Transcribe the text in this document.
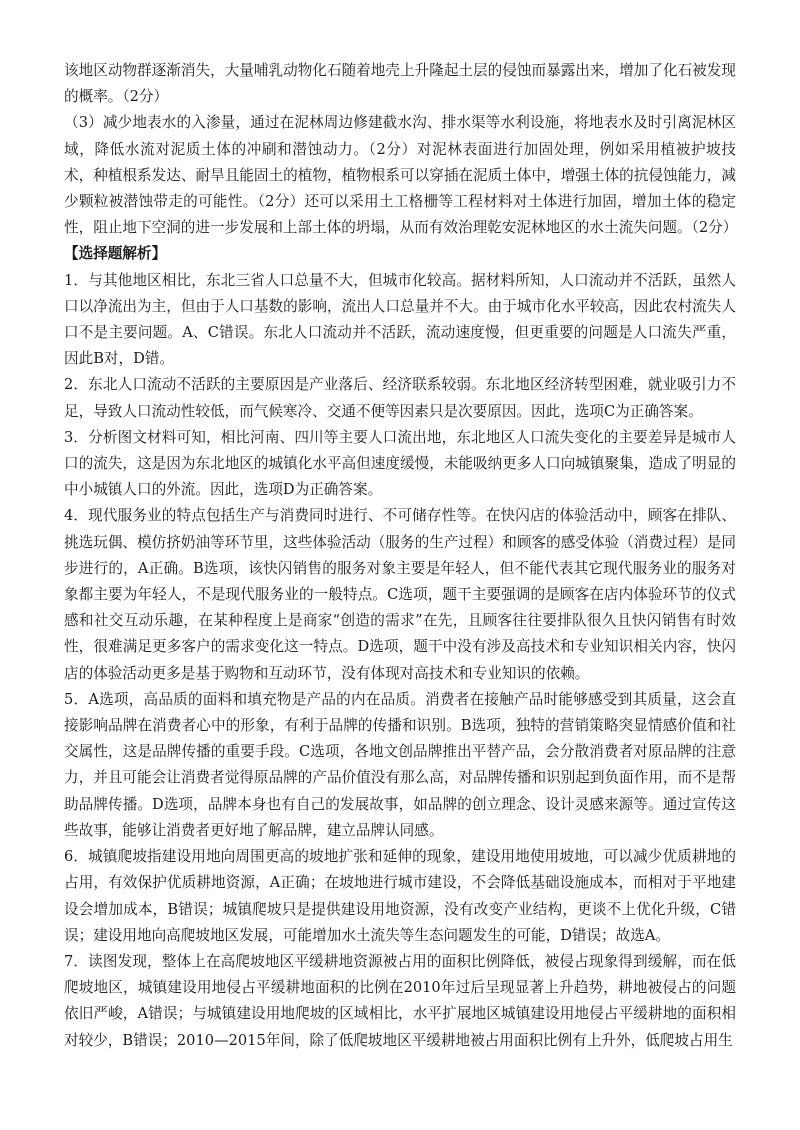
该地区动物群逐渐消失，大量哺乳动物化石随着地壳上升隆起土层的侵蚀而暴露出来，增加了化石被发现的概率。（2分）

（3）减少地表水的入渗量，通过在泥林周边修建截水沟、排水渠等水利设施，将地表水及时引离泥林区域，降低水流对泥质土体的冲刷和潜蚀动力。（2分）对泥林表面进行加固处理，例如采用植被护坡技术，种植根系发达、耐旱且能固土的植物，植物根系可以穿插在泥质土体中，增强土体的抗侵蚀能力，减少颗粒被潜蚀带走的可能性。（2分）还可以采用土工格栅等工程材料对土体进行加固，增加土体的稳定性，阻止地下空洞的进一步发展和上部土体的坍塌，从而有效治理乾安泥林地区的水土流失问题。（2分）

【选择题解析】

1．与其他地区相比，东北三省人口总量不大，但城市化较高。据材料所知，人口流动并不活跃，虽然人口以净流出为主，但由于人口基数的影响，流出人口总量并不大。由于城市化水平较高，因此农村流失人口不是主要问题。A、C错误。东北人口流动并不活跃，流动速度慢，但更重要的问题是人口流失严重，因此B对，D错。

2．东北人口流动不活跃的主要原因是产业落后、经济联系较弱。东北地区经济转型困难，就业吸引力不足，导致人口流动性较低，而气候寒冷、交通不便等因素只是次要原因。因此，选项C为正确答案。

3．分析图文材料可知，相比河南、四川等主要人口流出地，东北地区人口流失变化的主要差异是城市人口的流失，这是因为东北地区的城镇化水平高但速度缓慢，未能吸纳更多人口向城镇聚集，造成了明显的中小城镇人口的外流。因此，选项D为正确答案。

4．现代服务业的特点包括生产与消费同时进行、不可储存性等。在快闪店的体验活动中，顾客在排队、挑选玩偶、模仿挤奶油等环节里，这些体验活动（服务的生产过程）和顾客的感受体验（消费过程）是同步进行的，A正确。B选项，该快闪销售的服务对象主要是年轻人，但不能代表其它现代服务业的服务对象都主要为年轻人，不是现代服务业的一般特点。C选项，题干主要强调的是顾客在店内体验环节的仪式感和社交互动乐趣，在某种程度上是商家“创造的需求”在先，且顾客往往要排队很久且快闪销售有时效性，很难满足更多客户的需求变化这一特点。D选项，题干中没有涉及高技术和专业知识相关内容，快闪店的体验活动更多是基于购物和互动环节，没有体现对高技术和专业知识的依赖。

5．A选项，高品质的面料和填充物是产品的内在品质。消费者在接触产品时能够感受到其质量，这会直接影响品牌在消费者心中的形象，有利于品牌的传播和识别。B选项，独特的营销策略突显情感价值和社交属性，这是品牌传播的重要手段。C选项，各地文创品牌推出平替产品，会分散消费者对原品牌的注意力，并且可能会让消费者觉得原品牌的产品价值没有那么高，对品牌传播和识别起到负面作用，而不是帮助品牌传播。D选项，品牌本身也有自己的发展故事，如品牌的创立理念、设计灵感来源等。通过宣传这些故事，能够让消费者更好地了解品牌，建立品牌认同感。

6．城镇爬坡指建设用地向周围更高的坡地扩张和延伸的现象，建设用地使用坡地，可以减少优质耕地的占用，有效保护优质耕地资源，A正确；在坡地进行城市建设，不会降低基础设施成本，而相对于平地建设会增加成本，B错误；城镇爬坡只是提供建设用地资源，没有改变产业结构，更谈不上优化升级，C错误；建设用地向高爬坡地区发展，可能增加水土流失等生态问题发生的可能，D错误；故选A。

7．读图发现，整体上在高爬坡地区平缓耕地资源被占用的面积比例降低，被侵占现象得到缓解，而在低爬坡地区，城镇建设用地侵占平缓耕地面积的比例在2010年过后呈现显著上升趋势，耕地被侵占的问题依旧严峻，A错误；与城镇建设用地爬坡的区域相比，水平扩展地区城镇建设用地侵占平缓耕地的面积相对较少，B错误；2010—2015年间，除了低爬坡地区平缓耕地被占用面积比例有上升外，低爬坡占用生
